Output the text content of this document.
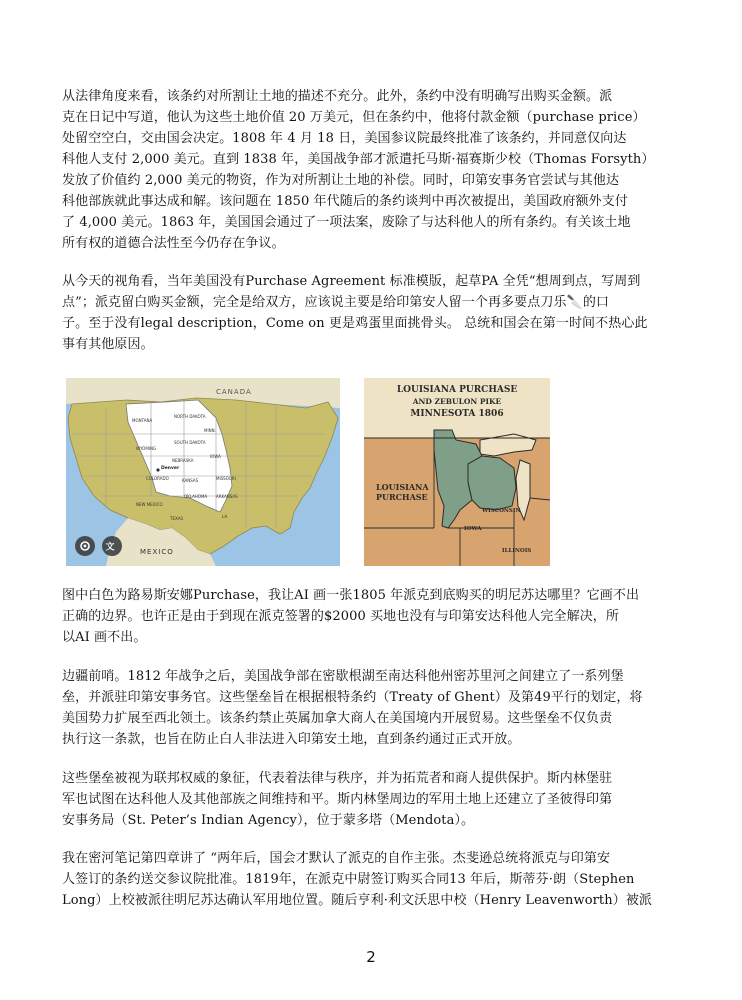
从法律角度来看，该条约对所割让土地的描述不充分。此外，条约中没有明确写出购买金额。派
克在日记中写道，他认为这些土地价值 20 万美元，但在条约中，他将付款金额（purchase price）
处留空空白，交由国会决定。1808 年 4 月 18 日，美国参议院最终批准了该条约，并同意仅向达
科他人支付 2,000 美元。直到 1838 年，美国战争部才派遣托马斯·福赛斯少校（Thomas Forsyth）
发放了价值约 2,000 美元的物资，作为对所割让土地的补偿。同时，印第安事务官尝试与其他达
科他部族就此事达成和解。该问题在 1850 年代随后的条约谈判中再次被提出，美国政府额外支付
了 4,000 美元。1863 年，美国国会通过了一项法案，废除了与达科他人的所有条约。有关该土地
所有权的道德合法性至今仍存在争议。
从今天的视角看，当年美国没有Purchase Agreement 标准模版，起草PA 全凭“想周到点，写周到
点”；派克留白购买金额，完全是给双方，应该说主要是给印第安人留一个再多要点刀乐🔪的口
子。至于没有legal description，Come on 更是鸡蛋里面挑骨头。 总统和国会在第一时间不热心此
事有其他原因。
CANADA
MEXICO
MONTANA
NORTH DAKOTA
SOUTH DAKOTA
WYOMING
NEBRASKA
IOWA
COLORADO	KANSAS	MISSOURI
OKLAHOMA ARKANSAS
NEW MEXICO
TEXAS
MINN.
LA.
Denver
文
LOUISIANA PURCHASE
AND ZEBULON PIKE
MINNESOTA 1806
LOUISIANA
PURCHASE
WISCONSIN
IOWA
ILLINOIS
图中白色为路易斯安娜Purchase，我让AI 画一张1805 年派克到底购买的明尼苏达哪里？它画不出
正确的边界。也许正是由于到现在派克签署的$2000 买地也没有与印第安达科他人完全解决，所
以AI 画不出。
边疆前哨。1812 年战争之后，美国战争部在密歇根湖至南达科他州密苏里河之间建立了一系列堡
垒，并派驻印第安事务官。这些堡垒旨在根据根特条约（Treaty of Ghent）及第49平行的划定，将
美国势力扩展至西北领土。该条约禁止英属加拿大商人在美国境内开展贸易。这些堡垒不仅负责
执行这一条款，也旨在防止白人非法进入印第安土地，直到条约通过正式开放。
这些堡垒被视为联邦权威的象征，代表着法律与秩序，并为拓荒者和商人提供保护。斯内林堡驻
军也试图在达科他人及其他部族之间维持和平。斯内林堡周边的军用土地上还建立了圣彼得印第
安事务局（St. Peter’s Indian Agency），位于蒙多塔（Mendota）。
我在密河笔记第四章讲了 “两年后，国会才默认了派克的自作主张。杰斐逊总统将派克与印第安
人签订的条约送交参议院批准。1819年，在派克中尉签订购买合同13 年后，斯蒂芬·朗（Stephen
Long）上校被派往明尼苏达确认军用地位置。随后亨利·利文沃思中校（Henry Leavenworth）被派
2
